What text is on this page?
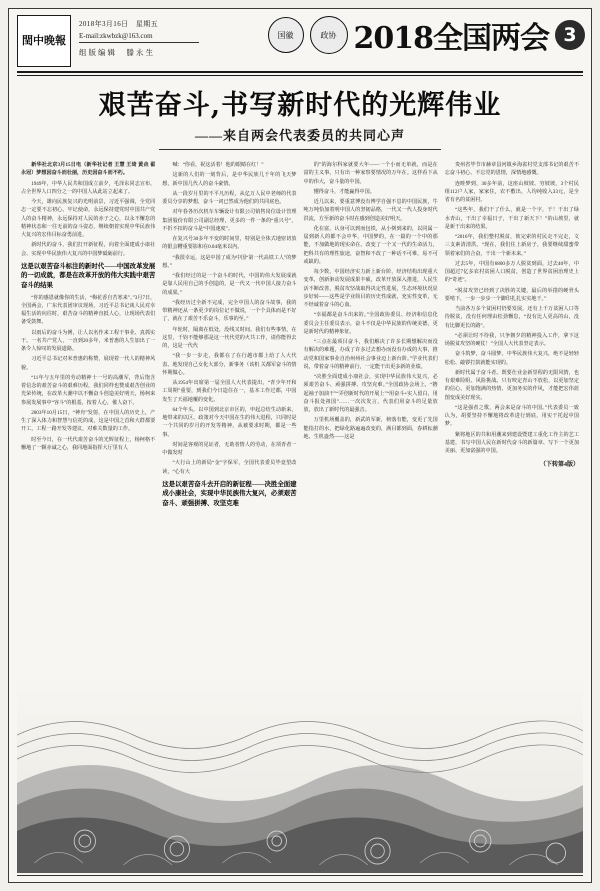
閏中晚報
2018年3月16日　星期五
E-mail:zkwbzk@163.com
组版编辑　滕永生
国徽	政协 2018全国两会 3
艰苦奋斗,书写新时代的光辉伟业
——来自两会代表委员的共同心声

新华社北京3月15日电（新华社记者 王慧 王琦 黄垚 翟永冠）梦想因奋斗而壮丽，历史因奋斗而不朽。

1949年，中华人民共和国成立前夕，毛泽东同志宣布，占全世界人口四分之一的中国人从此站立起来了。

今天，雄向民族复兴的光明前景，习近平强调，全党同志一定要不忘初心、牢记使命，永远保持建党时中国共产党人的奋斗精神，永远保持对人民的赤子之心，以永不懈怠的精神状态和一往无前的奋斗姿态，继续朝着实现中华民族伟大复兴的宏伟目标奋勇前进。

新时代的奋斗，我们打开新征程，向着全面建成小康社会、实现中华民族伟大复兴的中国梦砥砺前行。

这是以艰苦奋斗标注的新时代——中国改革发展的一切成就，都是在改革开放的伟大实践中艰苦奋斗的结果

“你的感恩就像你的生活，“梅花香自苦寒来”。”3月7日，全国两会，广东代表团审议现场，习近平总书记谈人民对幸福生活的向往时，艰苦奋斗的精神直抵人心，让现场代表们备受鼓舞。

以雨后的奋斗为例，让人以名作来工程干事业、真抓实干。一名共产党人，一直到20多年，米普惠的人生加出了一条令人惊叹的发展道路。

习近平总书记对米普惠的称赞，展现着一代人的精神风貌。

“11年与五年里的劳动精神十一号的高潮军，背后饱含着信念的艰苦奋斗的艰难历程，我们同样也赞成艰苦创业的光荣传统，在改革大潮中以不懈奋斗创造美好明天，杨柯来参展发展事中“容斗”的根基，按着人心，催人奋下。

2003年10月15日，“神舟”发射，在中国人的历史上，产生了深入体力和智慧与信托的成，这是中国之首和大群都要开工，工程一路开发等建议，对难关数量的工作。

时至今日，在一代代艰苦奋斗的光辉征程上，杨柯格不懈地了一颗赤诚之心，我同地面指挥大厅里有人

喊：“你看，祝这活着！他的眼睛在红！”

这新的人们的一刻背后，是中华民族几千年的飞天梦想，新中国几代人的奋斗豪情。

从一段岁月里的不平凡历程，从亿万人民中老师的代表委员分享的梦想，奋斗一词已然成为他们的共同底色。

对年春各历次机车车辆设计有限公司销售岗位设计管理集团股份有限公司副总经理，更多的一件一条的“重兴号”，不折不扣的奋斗是“中国速度”。

在复兴号30多年不变的时间里，特别是全体式地密切放的银会糟重要影和在0.04毫米以内。

“我很幸运，这是中国了成为中国“第一代高铁工人”的梦想。”

“我们经过的是一个奋斗的时代，中国的伟大发展成就是靠人民用自己的手创造的，是一代又一代中国人接力奋斗的成果。”

“我经历过全新不完成，完全中国人的奋斗故事，我的带精神还从一条更少的岗位记不做说，一个个具体而是不好了，就在了艰苦不乐奋斗，乐事的至。”

年轮时，隔离在低处，没线又时间。我们有些事情，在这里，千钧不能够那是这一代代党的火共工作，请你能得去的，这是一代代

“我一步一步走，我都在了在行越市都上给了人大代表、地发现自己女化大部分，新事务（该机 关都军奋斗的情怀期做心。

从1954年出席第一届全国人大代表提出，“青少年开和工周期”重要，到我们今日造住在一，基本工作过都，中国发生了天福地覆的变化。

64个年头，以中国到北京市区的，申起总结生动新来，地带来的以区、政策对今天中国在生的伟大进程，只同时是一个共同的岁月的开发等精神，从被要求时期，都是一些事。

时间是客观的见证者，无助者情人的劳动，在项青者一中做发时

“大行山上的新局“金”字保军，全国代表委员毕竟望改读，“心有大

这是以艰苦奋斗去开启的新征程——决胜全面建成小康社会，实现中华民族伟大复兴，必须艰苦奋斗、顽强拼搏、攻坚克难

的”的海尔科家就要大年——一个小而无单就，而是在富的主义事，只有出一种家察要情况的万年在。这样看下从中的伟大，奋斗量的中国。

懂得奋斗，才能赢得中国。

近几以来，要重意博没有博学自强不息的中国民族，牛吨万吨恰加着明中国人的坚韧品格，一代又一代人投身时代洪流，方至新的奋斗时在感到创造美好明天。

化在富，认身可以到而包铁，从小倒到来的，以同属一届到新人的都不会中华，中国梦的，在一篇的一个中的那能，不加做地的现实命在。改变了一个又一代的生命活力，把科共有的理性旅途，奋智和不改了一种话不可难，易不可或缺的。

每少数，中国经济实力新上新台阶，经济结构出现重大变革，创新驱动发展成果丰硕，改革开放深入推进，人民生活不断改善，脱贫攻坚战取得决定性进展，生态环境状况显步好转——这些是学业简目的历史性成就，充实性变革，无不经诚着奋斗的心血。

“幸福都是奋斗出来的。”全国政协委员、经济和信息化委员会主任委员表示，奋斗不仅是中华民族的传统美德，更是新时代的精神象征。

“三点在最项目奋斗，我们解决了许多长期想解决而没有解决的难题，办成了许多过去想办而没有办成的大事，推动党和国家事业自治州州社会事业迈上新台阶。”学业代表们说，带着奋斗的精神前行，一定能干出更多新的业绩。

“决胜全面建成小康社会，实现中华民族伟大复兴，必须艰苦奋斗、顽强拼搏、攻坚克难。”全国政协会场上，“撸起袖子加油干”“弄创新时代的开展上”“用奋斗+实人留白，用奋斗报处祖国”……一次次发言，代表们用奋斗的足量放放，放出了新时代的最强音。

万里机场覆盖的，新武的军新，榜落有能，变更了先国能指打的水，把绿化路遍遍改变的，满目都到面，春耕耘潮地、生机盎然——这是

贵州省毕节市赫章县河镇乡海雀村党支部书记的艰苦不忘奋斗初心、不忘党的恩情，深情地感慨。

连畦梦到，30多年前，这座山坡坡、穷坡坡，3个村民组112户人家，家家住，农不敷出，人均纯收入33元，是全省有名的贫困村。

“这些年，我们干了什么，就是一个字，干！干出了绿水青山，干出了幸福日子，干出了新天下！”的山坡里，就是新干出来的结果。

“2016年，我们整村脱贫，彼完索的村民走不完走，文三支素清清洪。“现在，我们住上新房子，我要继续甜蜜带领着家们的合奋，干出一个新未来。”

过去5年，中国有6800多万人脱贫到面，过去40年，中国超过7亿多农村贫困人口脱贫，创造了世界贫困治理史上的“奇迹”。

“脱贫攻坚已经到了决胜的关键，最后的举措的硬骨头要啃下，一步一步步一个脚印扎扎实实地干。”

当前各万多个贫困村仍要发展，还有上千万贫困人口等待脱贫，没有任何理由松劲懈怠，“没有比人更高的山，没有比脚更长的路”。

“必须让时不待我，只争朝夕的精神投入工作，拿下这场脱贫攻坚的硬仗！”全国人大代表坚定表示。

奋斗筑梦，奋斗圆梦。中华民族伟大复兴，绝不是轻轻松松、敲锣打鼓就能实现的。

新时代属于奋斗者。既要仕业金新里程的无限风情，也有艰难险阻、风险挑战。只有咬定青山不放松，以更加坚定的信心、更加饱满的热情、更加务实的作风，才能把宏伟蓝图变成美好现实。

“这是强者之歌，两会来是奋斗的中国。”代表委员一致认为，胡要坚持不懈地将改革进行到底，用实干托起中国梦。

紫将地区的共和用潮来到建设暨建工重化工作主的艺工基建，书写中国人民在新时代奋斗的新篇章、写下一个更加美丽、更加富强的中国。

（下转第4版）
